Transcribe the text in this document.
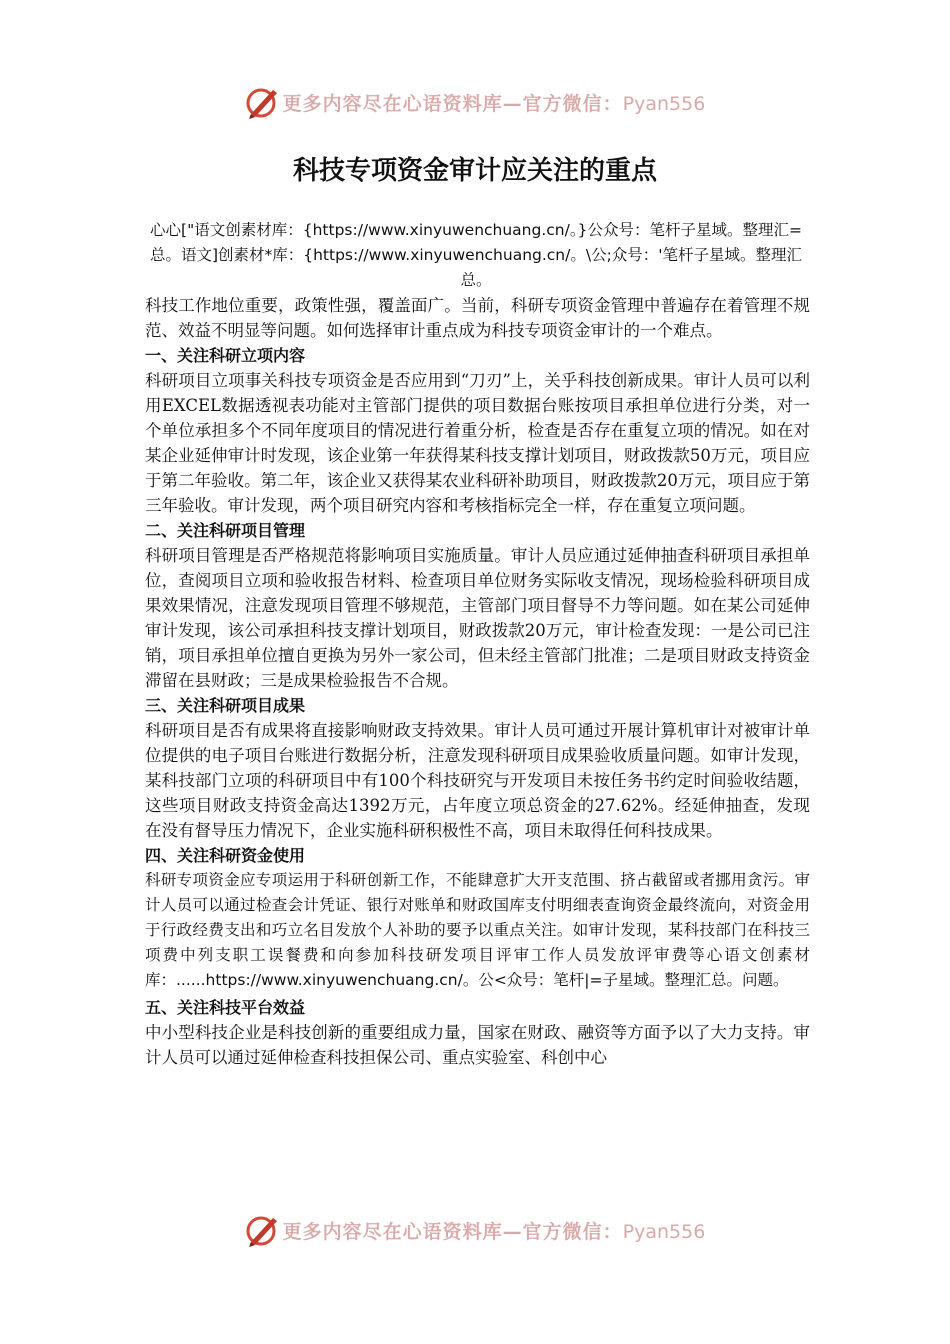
更多内容尽在心语资料库—官方微信：Pyan556
科技专项资金审计应关注的重点
心心["语文创素材库：{https://www.xinyuwenchuang.cn/。}公众号：笔杆子星域。整理汇=总。语文]创素材*库：{https://www.xinyuwenchuang.cn/。\公;众号：'笔杆子星域。整理汇总。

科技工作地位重要，政策性强，覆盖面广。当前，科研专项资金管理中普遍存在着管理不规范、效益不明显等问题。如何选择审计重点成为科技专项资金审计的一个难点。

一、关注科研立项内容

科研项目立项事关科技专项资金是否应用到“刀刃”上，关乎科技创新成果。审计人员可以利用EXCEL数据透视表功能对主管部门提供的项目数据台账按项目承担单位进行分类，对一个单位承担多个不同年度项目的情况进行着重分析，检查是否存在重复立项的情况。如在对某企业延伸审计时发现，该企业第一年获得某科技支撑计划项目，财政拨款50万元，项目应于第二年验收。第二年，该企业又获得某农业科研补助项目，财政拨款20万元，项目应于第三年验收。审计发现，两个项目研究内容和考核指标完全一样，存在重复立项问题。

二、关注科研项目管理

科研项目管理是否严格规范将影响项目实施质量。审计人员应通过延伸抽查科研项目承担单位，查阅项目立项和验收报告材料、检查项目单位财务实际收支情况，现场检验科研项目成果效果情况，注意发现项目管理不够规范，主管部门项目督导不力等问题。如在某公司延伸审计发现，该公司承担科技支撑计划项目，财政拨款20万元，审计检查发现：一是公司已注销，项目承担单位擅自更换为另外一家公司，但未经主管部门批准；二是项目财政支持资金滞留在县财政；三是成果检验报告不合规。

三、关注科研项目成果

科研项目是否有成果将直接影响财政支持效果。审计人员可通过开展计算机审计对被审计单位提供的电子项目台账进行数据分析，注意发现科研项目成果验收质量问题。如审计发现，某科技部门立项的科研项目中有100个科技研究与开发项目未按任务书约定时间验收结题，这些项目财政支持资金高达1392万元，占年度立项总资金的27.62%。经延伸抽查，发现在没有督导压力情况下，企业实施科研积极性不高，项目未取得任何科技成果。

四、关注科研资金使用

科研专项资金应专项运用于科研创新工作，不能肆意扩大开支范围、挤占截留或者挪用贪污。审计人员可以通过检查会计凭证、银行对账单和财政国库支付明细表查询资金最终流向，对资金用于行政经费支出和巧立名目发放个人补助的要予以重点关注。如审计发现，某科技部门在科技三项费中列支职工误餐费和向参加科技研发项目评审工作人员发放评审费等心语文创素材库：......https://www.xinyuwenchuang.cn/。公<众号：笔杆|=子星域。整理汇总。问题。

五、关注科技平台效益

中小型科技企业是科技创新的重要组成力量，国家在财政、融资等方面予以了大力支持。审计人员可以通过延伸检查科技担保公司、重点实验室、科创中心

更多内容尽在心语资料库—官方微信：Pyan556
